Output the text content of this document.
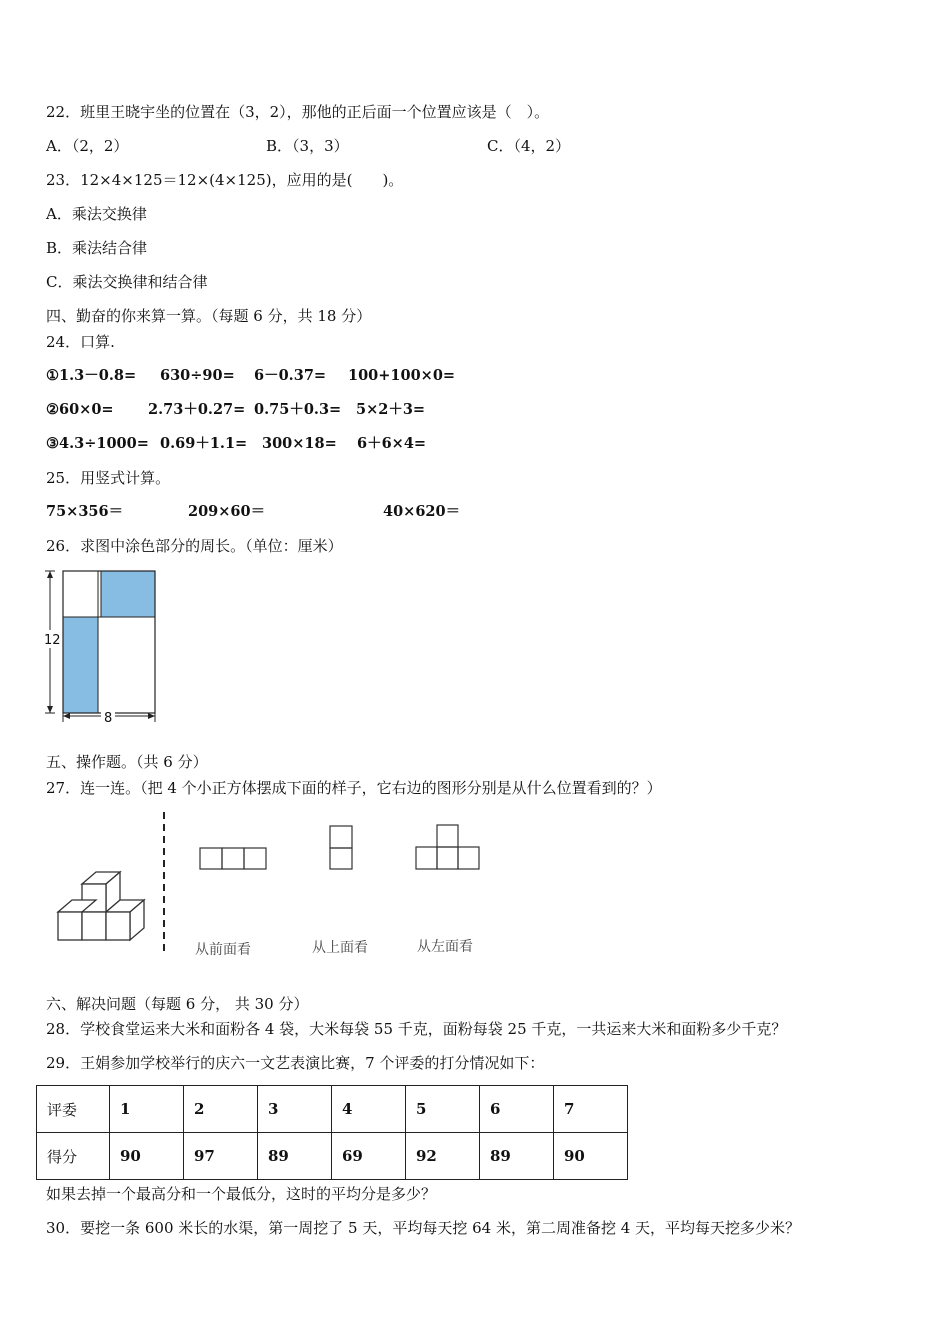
22．班里王晓宇坐的位置在（3，2），那他的正后面一个位置应该是（　）。
A．（2，2）	B．（3，3）	C．（4，2）
23．12×4×125＝12×(4×125)，应用的是(　　)。
A．乘法交换律
B．乘法结合律
C．乘法交换律和结合律
四、勤奋的你来算一算。（每题 6 分，共 18 分）
24．口算.
①1.3－0.8= 630÷90= 6－0.37= 100+100×0=
②60×0= 2.73＋0.27= 0.75＋0.3= 5×2＋3=
③4.3÷1000= 0.69＋1.1= 300×18= 6＋6×4=
25．用竖式计算。
75×356＝	209×60＝	40×620＝
26．求图中涂色部分的周长。（单位：厘米）
12
8
五、操作题。（共 6 分）
27．连一连。（把 4 个小正方体摆成下面的样子，它右边的图形分别是从什么位置看到的？）
从前面看	从上面看	从左面看
六、解决问题（每题 6 分， 共 30 分）
28．学校食堂运来大米和面粉各 4 袋，大米每袋 55 千克，面粉每袋 25 千克，一共运来大米和面粉多少千克？
29．王娟参加学校举行的庆六一文艺表演比赛，7 个评委的打分情况如下：
评委	1	2	3	4	5	6	7
得分	90	97	89	69	92	89	90
如果去掉一个最高分和一个最低分，这时的平均分是多少？
30．要挖一条 600 米长的水渠，第一周挖了 5 天，平均每天挖 64 米，第二周准备挖 4 天，平均每天挖多少米？
